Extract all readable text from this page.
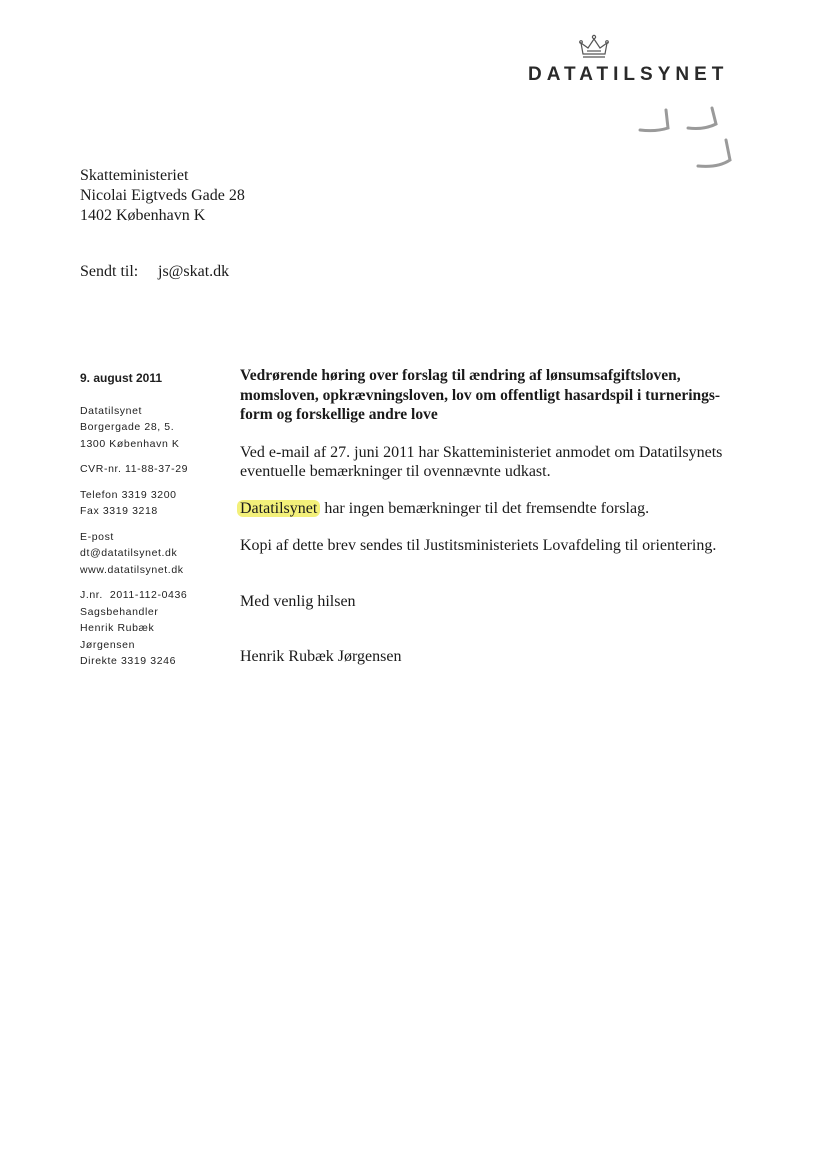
DATATILSYNET
Skatteministeriet
Nicolai Eigtveds Gade 28
1402 København K
Sendt til: js@skat.dk
9. august 2011
Datatilsynet
Borgergade 28, 5.
1300 København K
CVR-nr. 11-88-37-29
Telefon 3319 3200
Fax 3319 3218
E-post
dt@datatilsynet.dk
www.datatilsynet.dk
J.nr.  2011-112-0436
Sagsbehandler
Henrik Rubæk
Jørgensen
Direkte 3319 3246
Vedrørende høring over forslag til ændring af lønsumsafgiftsloven,
momsloven, opkrævningsloven, lov om offentligt hasardspil i turnerings-
form og forskellige andre love

Ved e-mail af 27. juni 2011 har Skatteministeriet anmodet om Datatilsynets
eventuelle bemærkninger til ovennævnte udkast.

Datatilsynet har ingen bemærkninger til det fremsendte forslag.

Kopi af dette brev sendes til Justitsministeriets Lovafdeling til orientering.

Med venlig hilsen

Henrik Rubæk Jørgensen
